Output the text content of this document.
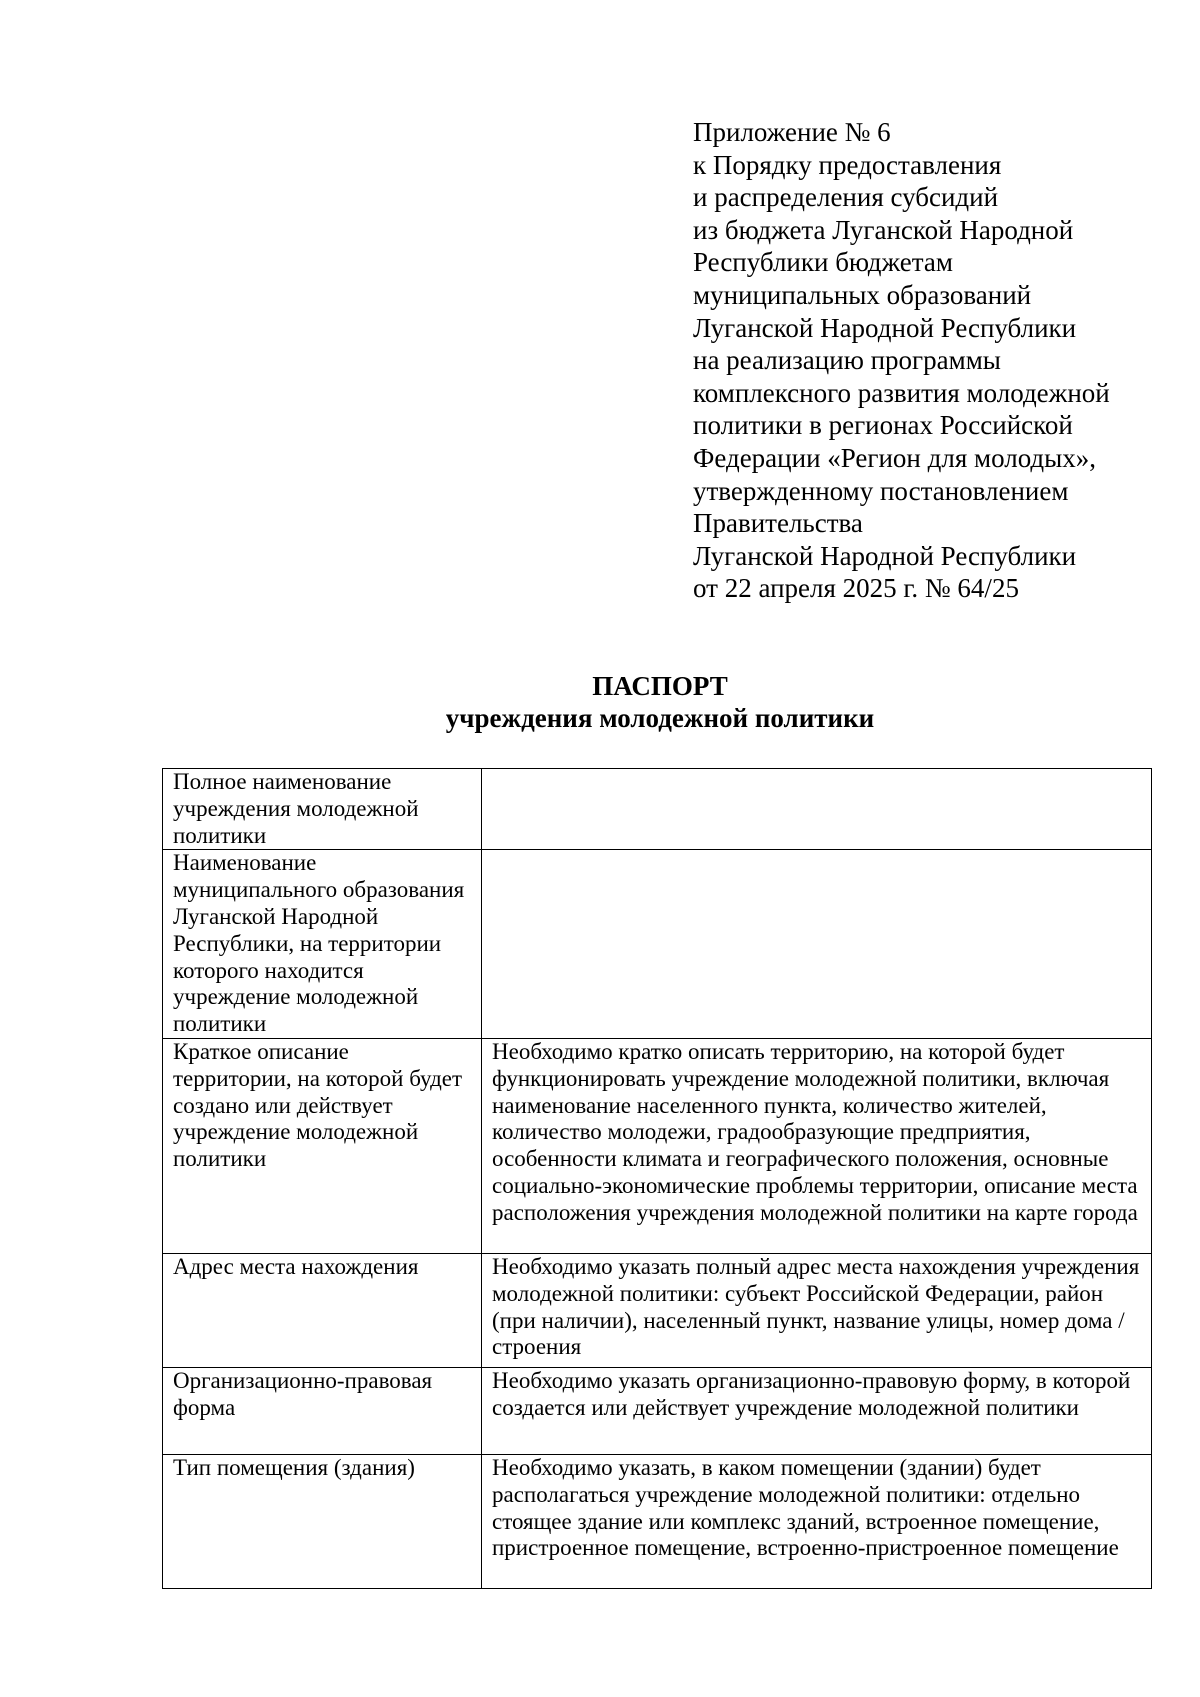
Приложение № 6
к Порядку предоставления
и распределения субсидий
из бюджета Луганской Народной
Республики бюджетам
муниципальных образований
Луганской Народной Республики
на реализацию программы
комплексного развития молодежной
политики в регионах Российской
Федерации «Регион для молодых»,
утвержденному постановлением
Правительства
Луганской Народной Республики
от 22 апреля 2025 г. № 64/25
ПАСПОРТ
учреждения молодежной политики
Полное наименование учреждения молодежной политики	
Наименование муниципального образования Луганской Народной Республики, на территории которого находится учреждение молодежной политики	
Краткое описание территории, на которой будет создано или действует учреждение молодежной политики	Необходимо кратко описать территорию, на которой будет функционировать учреждение молодежной политики, включая наименование населенного пункта, количество жителей, количество молодежи, градообразующие предприятия, особенности климата и географического положения, основные социально-экономические проблемы территории, описание места расположения учреждения молодежной политики на карте города
Адрес места нахождения	Необходимо указать полный адрес места нахождения учреждения молодежной политики: субъект Российской Федерации, район (при наличии), населенный пункт, название улицы, номер дома / строения
Организационно-правовая форма	Необходимо указать организационно-правовую форму, в которой создается или действует учреждение молодежной политики
Тип помещения (здания)	Необходимо указать, в каком помещении (здании) будет располагаться учреждение молодежной политики: отдельно стоящее здание или комплекс зданий, встроенное помещение, пристроенное помещение, встроенно-пристроенное помещение
